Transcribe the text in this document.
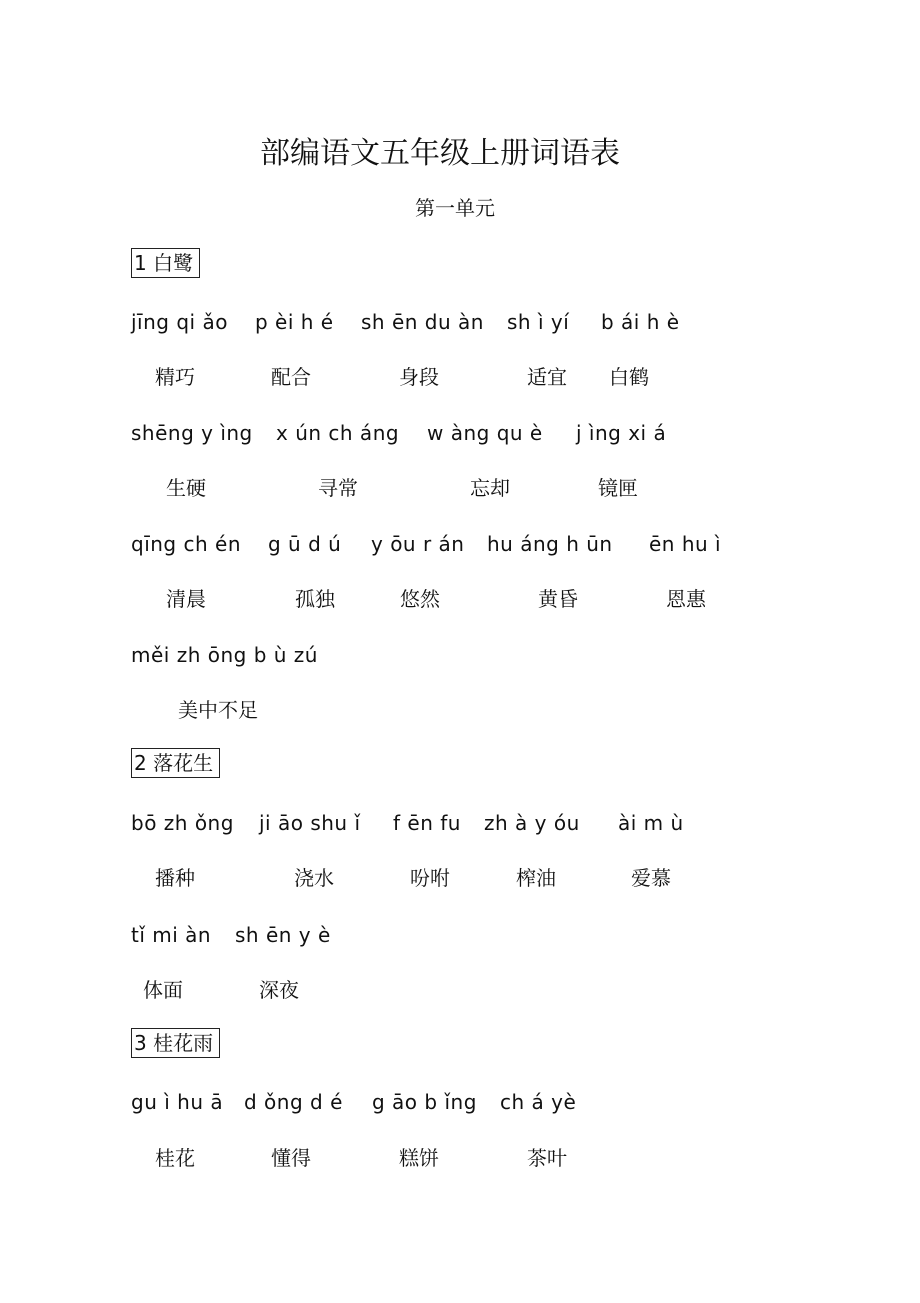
部编语文五年级上册词语表
第一单元
1 白鹭
jīng qi ǎo p èi h é sh ēn du àn sh ì yí b ái h è
精巧	配合	身段	适宜 白鹤
shēng y ìng x ún ch áng w àng qu è j ìng xi á
生硬	寻常	忘却	镜匣
qīng ch én g ū d ú y ōu r án hu áng h ūn ēn hu ì
清晨	孤独	悠然	黄昏	恩惠
měi zh ōng b ù zú
美中不足
2 落花生
bō zh ǒng ji āo shu ǐ f ēn fu zh à y óu ài m ù
播种	浇水	吩咐	榨油	爱慕
tǐ mi àn sh ēn y è
体面	深夜
3 桂花雨
gu ì hu ā d ǒng d é g āo b ǐng ch á yè
桂花	懂得	糕饼	茶叶
